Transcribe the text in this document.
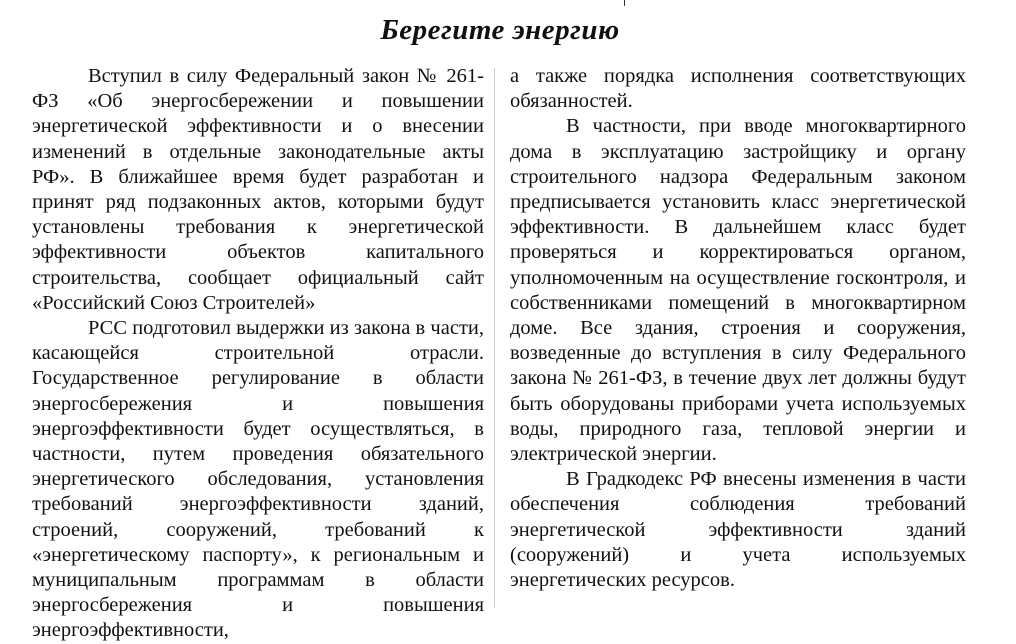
Берегите энергию

Вступил в силу Федеральный закон № 261-ФЗ «Об энергосбережении и повышении энергетической эффективности и о внесении изменений в отдельные законодательные акты РФ». В ближайшее время будет разработан и принят ряд подзаконных актов, которыми будут установлены требования к энергетической эффективности объектов капитального строительства, сообщает официальный сайт «Российский Союз Строителей»

РСС подготовил выдержки из закона в части, касающейся строительной отрасли. Государственное регулирование в области энергосбережения и повышения энергоэффективности будет осуществляться, в частности, путем проведения обязательного энергетического обследования, установления требований энергоэффективности зданий, строений, сооружений, требований к «энергетическому паспорту», к региональным и муниципальным программам в области энергосбережения и повышения энергоэффективности,

а также порядка исполнения соответствующих обязанностей.

В частности, при вводе многоквартирного дома в эксплуатацию застройщику и органу строительного надзора Федеральным законом предписывается установить класс энергетической эффективности. В дальнейшем класс будет проверяться и корректироваться органом, уполномоченным на осуществление госконтроля, и собственниками помещений в многоквартирном доме. Все здания, строения и сооружения, возведенные до вступления в силу Федерального закона № 261-ФЗ, в течение двух лет должны будут быть оборудованы приборами учета используемых воды, природного газа, тепловой энергии и электрической энергии.

В Градкодекс РФ внесены изменения в части обеспечения соблюдения требований энергетической эффективности зданий (сооружений) и учета используемых энергетических ресурсов.
